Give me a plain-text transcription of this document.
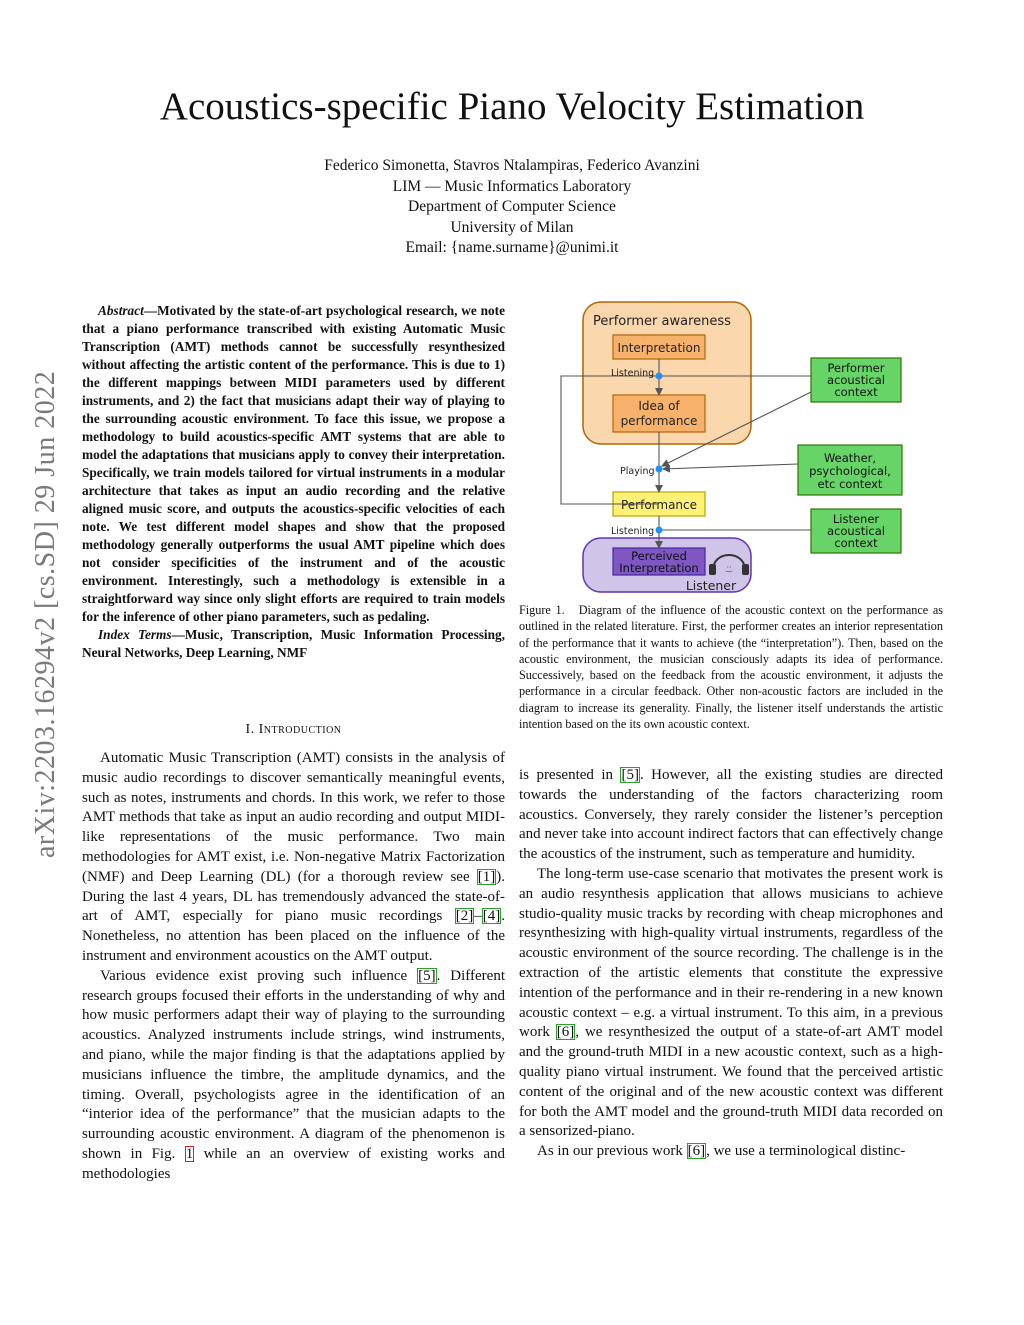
Acoustics-specific Piano Velocity Estimation
Federico Simonetta, Stavros Ntalampiras, Federico Avanzini
LIM — Music Informatics Laboratory
Department of Computer Science
University of Milan
Email: {name.surname}@unimi.it
arXiv:2203.16294v2 [cs.SD] 29 Jun 2022

Abstract—Motivated by the state-of-art psychological research, we note that a piano performance transcribed with existing Automatic Music Transcription (AMT) methods cannot be successfully resynthesized without affecting the artistic content of the performance. This is due to 1) the different mappings between MIDI parameters used by different instruments, and 2) the fact that musicians adapt their way of playing to the surrounding acoustic environment. To face this issue, we propose a methodology to build acoustics-specific AMT systems that are able to model the adaptations that musicians apply to convey their interpretation. Specifically, we train models tailored for virtual instruments in a modular architecture that takes as input an audio recording and the relative aligned music score, and outputs the acoustics-specific velocities of each note. We test different model shapes and show that the proposed methodology generally outperforms the usual AMT pipeline which does not consider specificities of the instrument and of the acoustic environment. Interestingly, such a methodology is extensible in a straightforward way since only slight efforts are required to train models for the inference of other piano parameters, such as pedaling.

Index Terms—Music, Transcription, Music Information Processing, Neural Networks, Deep Learning, NMF

I. Introduction

Automatic Music Transcription (AMT) consists in the analysis of music audio recordings to discover semantically meaningful events, such as notes, instruments and chords. In this work, we refer to those AMT methods that take as input an audio recording and output MIDI-like representations of the music performance. Two main methodologies for AMT exist, i.e. Non-negative Matrix Factorization (NMF) and Deep Learning (DL) (for a thorough review see [1]). During the last 4 years, DL has tremendously advanced the state-of-art of AMT, especially for piano music recordings [2]–[4]. Nonetheless, no attention has been placed on the influence of the instrument and environment acoustics on the AMT output.

Various evidence exist proving such influence [5]. Different research groups focused their efforts in the understanding of why and how music performers adapt their way of playing to the surrounding acoustics. Analyzed instruments include strings, wind instruments, and piano, while the major finding is that the adaptations applied by musicians influence the timbre, the amplitude dynamics, and the timing. Overall, psychologists agree in the identification of an “interior idea of the performance” that the musician adapts to the surrounding acoustic environment. A diagram of the phenomenon is shown in Fig. 1 while an an overview of existing works and methodologies

Performer awareness
Interpretation
Idea of
performance
Performance
Perceived
Interpretation
Listener
·͜·
Performer
acoustical
context
Weather,
psychological,
etc context
Listener
acoustical
context
Listening
Playing
Listening
Figure 1. Diagram of the influence of the acoustic context on the performance as outlined in the related literature. First, the performer creates an interior representation of the performance that it wants to achieve (the “interpretation”). Then, based on the acoustic environment, the musician consciously adapts its idea of performance. Successively, based on the feedback from the acoustic environment, it adjusts the performance in a circular feedback. Other non-acoustic factors are included in the diagram to increase its generality. Finally, the listener itself understands the artistic intention based on the its own acoustic context.

is presented in [5]. However, all the existing studies are directed towards the understanding of the factors characterizing room acoustics. Conversely, they rarely consider the listener’s perception and never take into account indirect factors that can effectively change the acoustics of the instrument, such as temperature and humidity.

The long-term use-case scenario that motivates the present work is an audio resynthesis application that allows musicians to achieve studio-quality music tracks by recording with cheap microphones and resynthesizing with high-quality virtual instruments, regardless of the acoustic environment of the source recording. The challenge is in the extraction of the artistic elements that constitute the expressive intention of the performance and in their re-rendering in a new known acoustic context – e.g. a virtual instrument. To this aim, in a previous work [6], we resynthesized the output of a state-of-art AMT model and the ground-truth MIDI in a new acoustic context, such as a high-quality piano virtual instrument. We found that the perceived artistic content of the original and of the new acoustic context was different for both the AMT model and the ground-truth MIDI data recorded on a sensorized-piano.

As in our previous work [6], we use a terminological distinc-
